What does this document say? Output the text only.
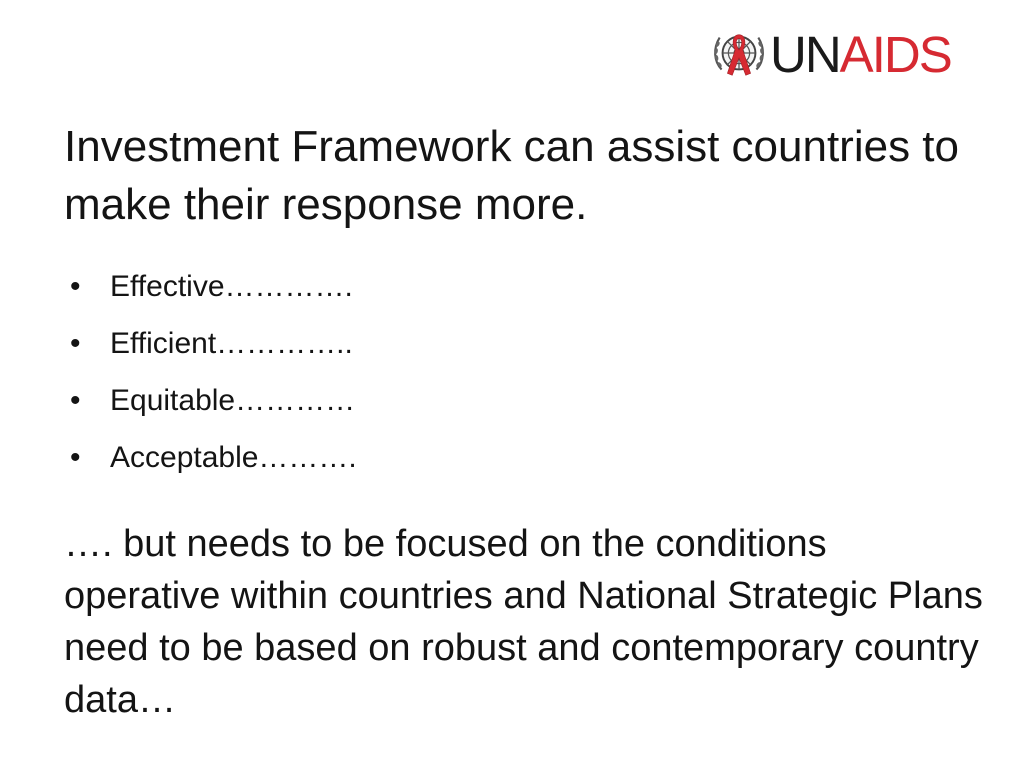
UNAIDS
Investment Framework can assist countries to make their response more.
• Effective………….
• Efficient…………..
• Equitable…………
• Acceptable……….

…. but needs to be focused on the conditions operative within countries and National Strategic Plans need to be based on robust and contemporary country data…
